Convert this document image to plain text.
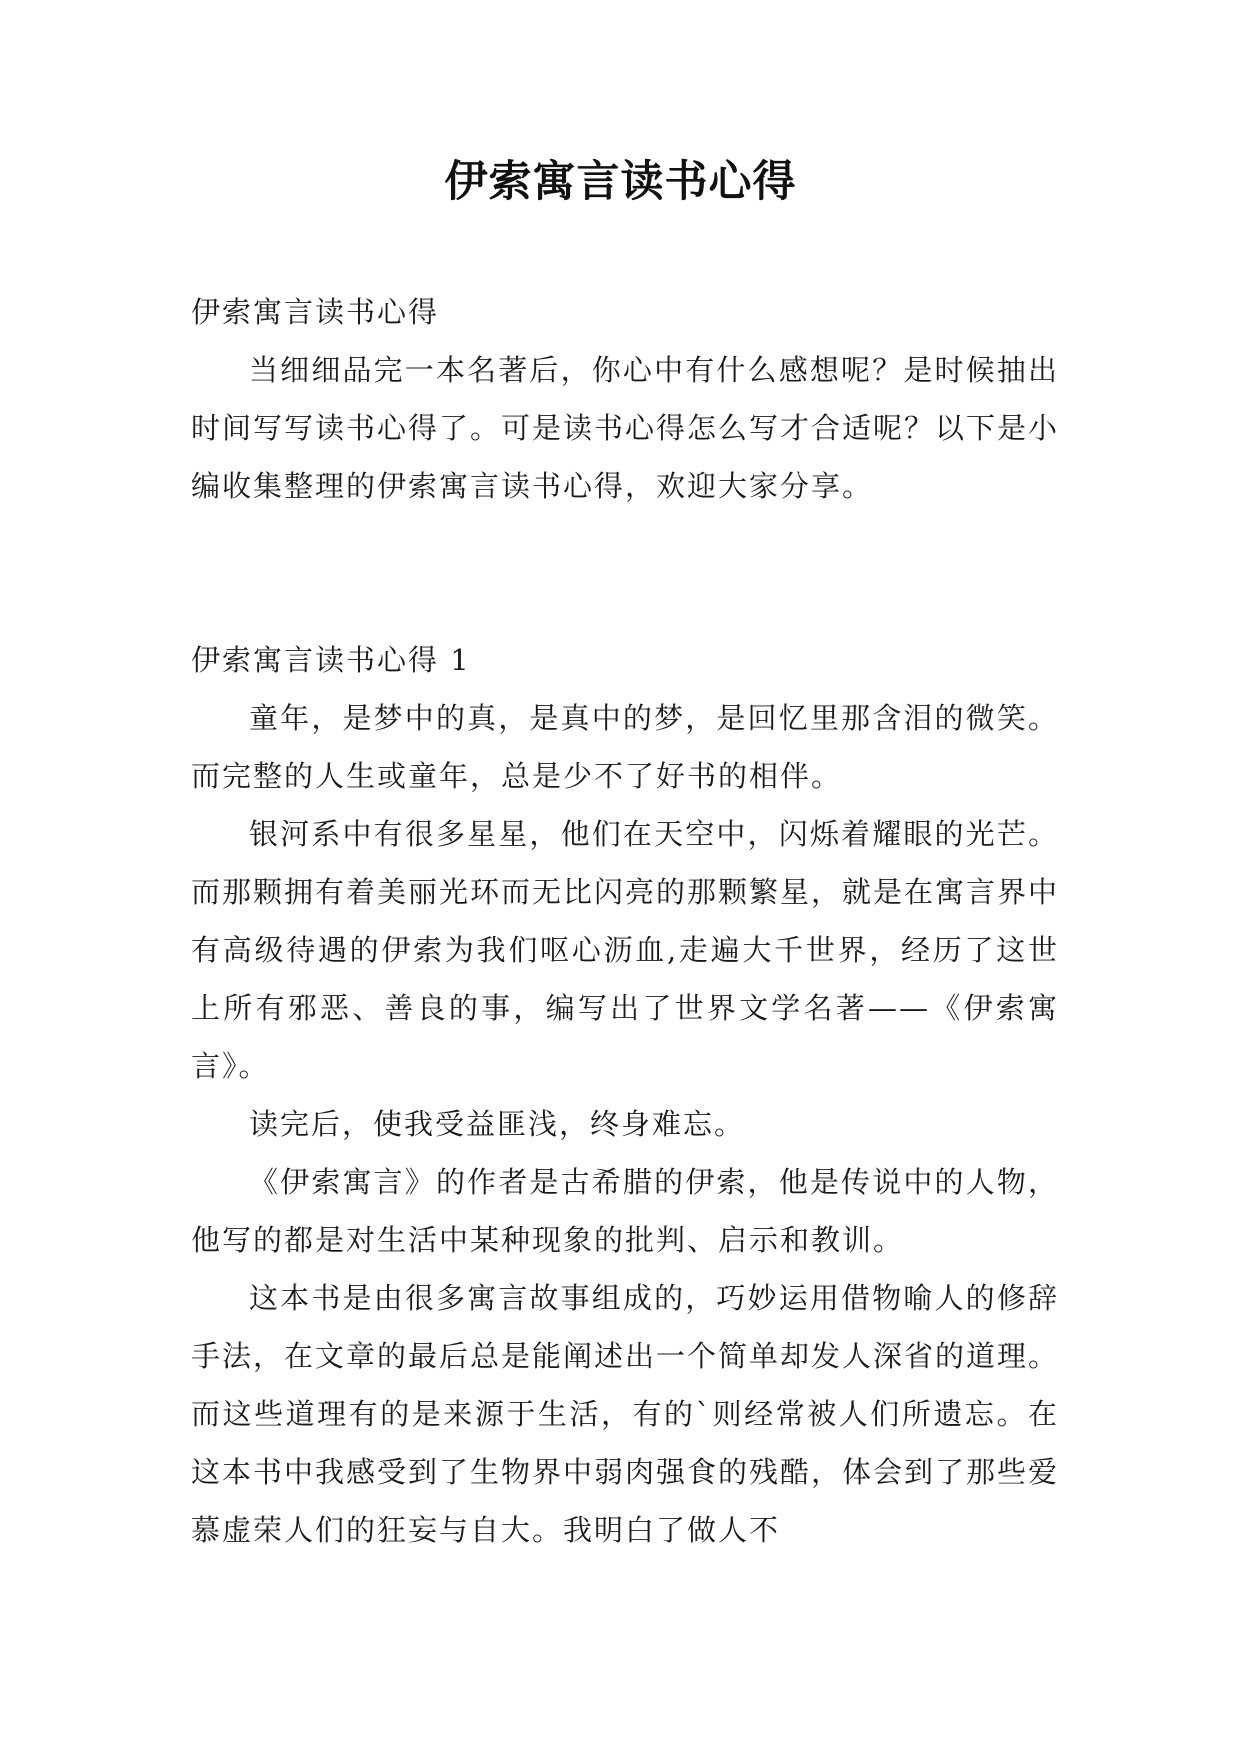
伊索寓言读书心得

伊索寓言读书心得

当细细品完一本名著后，你心中有什么感想呢？是时候抽出时间写写读书心得了。可是读书心得怎么写才合适呢？以下是小编收集整理的伊索寓言读书心得，欢迎大家分享。

伊索寓言读书心得 1

童年，是梦中的真，是真中的梦，是回忆里那含泪的微笑。而完整的人生或童年，总是少不了好书的相伴。

银河系中有很多星星，他们在天空中，闪烁着耀眼的光芒。而那颗拥有着美丽光环而无比闪亮的那颗繁星，就是在寓言界中有高级待遇的伊索为我们呕心沥血,走遍大千世界，经历了这世上所有邪恶、善良的事，编写出了世界文学名著——《伊索寓言》。

读完后，使我受益匪浅，终身难忘。

《伊索寓言》的作者是古希腊的伊索，他是传说中的人物，他写的都是对生活中某种现象的批判、启示和教训。

这本书是由很多寓言故事组成的，巧妙运用借物喻人的修辞手法，在文章的最后总是能阐述出一个简单却发人深省的道理。而这些道理有的是来源于生活，有的`则经常被人们所遗忘。在这本书中我感受到了生物界中弱肉强食的残酷，体会到了那些爱慕虚荣人们的狂妄与自大。我明白了做人不
